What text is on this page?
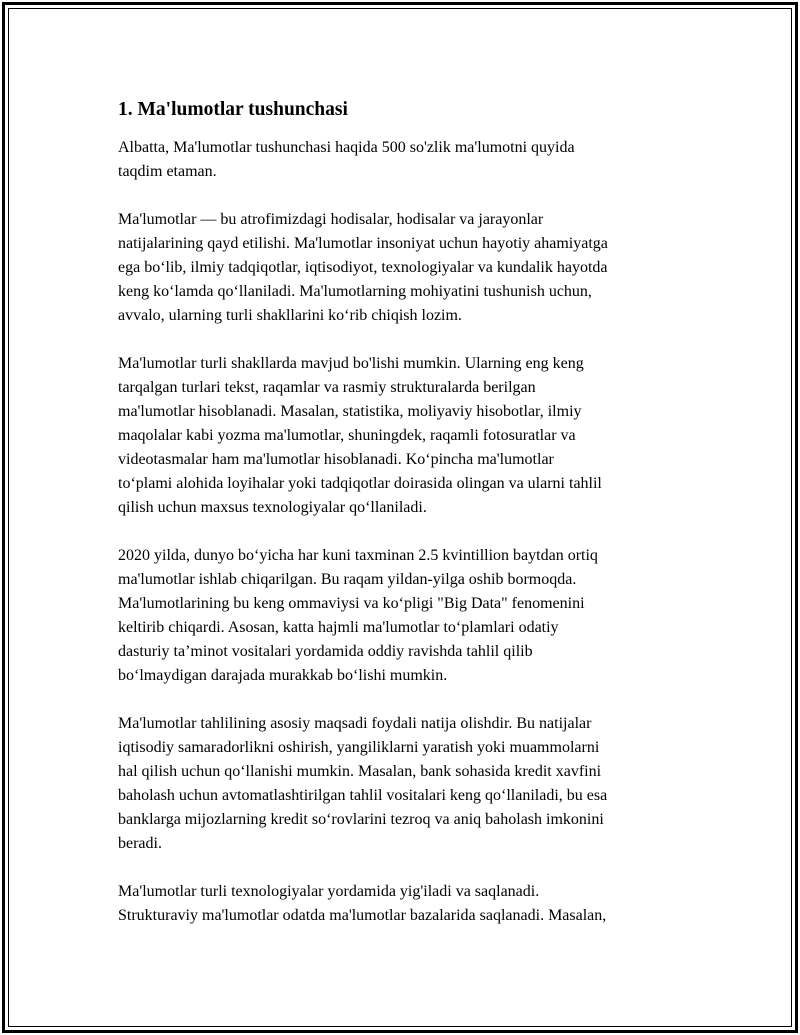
1. Ma'lumotlar tushunchasi

Albatta, Ma'lumotlar tushunchasi haqida 500 so'zlik ma'lumotni quyida
taqdim etaman.

Ma'lumotlar — bu atrofimizdagi hodisalar, hodisalar va jarayonlar
natijalarining qayd etilishi. Ma'lumotlar insoniyat uchun hayotiy ahamiyatga
ega bo‘lib, ilmiy tadqiqotlar, iqtisodiyot, texnologiyalar va kundalik hayotda
keng ko‘lamda qo‘llaniladi. Ma'lumotlarning mohiyatini tushunish uchun,
avvalo, ularning turli shakllarini ko‘rib chiqish lozim.

Ma'lumotlar turli shakllarda mavjud bo'lishi mumkin. Ularning eng keng
tarqalgan turlari tekst, raqamlar va rasmiy strukturalarda berilgan
ma'lumotlar hisoblanadi. Masalan, statistika, moliyaviy hisobotlar, ilmiy
maqolalar kabi yozma ma'lumotlar, shuningdek, raqamli fotosuratlar va
videotasmalar ham ma'lumotlar hisoblanadi. Ko‘pincha ma'lumotlar
to‘plami alohida loyihalar yoki tadqiqotlar doirasida olingan va ularni tahlil
qilish uchun maxsus texnologiyalar qo‘llaniladi.

2020 yilda, dunyo bo‘yicha har kuni taxminan 2.5 kvintillion baytdan ortiq
ma'lumotlar ishlab chiqarilgan. Bu raqam yildan-yilga oshib bormoqda.
Ma'lumotlarining bu keng ommaviysi va ko‘pligi "Big Data" fenomenini
keltirib chiqardi. Asosan, katta hajmli ma'lumotlar to‘plamlari odatiy
dasturiy ta’minot vositalari yordamida oddiy ravishda tahlil qilib
bo‘lmaydigan darajada murakkab bo‘lishi mumkin.

Ma'lumotlar tahlilining asosiy maqsadi foydali natija olishdir. Bu natijalar
iqtisodiy samaradorlikni oshirish, yangiliklarni yaratish yoki muammolarni
hal qilish uchun qo‘llanishi mumkin. Masalan, bank sohasida kredit xavfini
baholash uchun avtomatlashtirilgan tahlil vositalari keng qo‘llaniladi, bu esa
banklarga mijozlarning kredit so‘rovlarini tezroq va aniq baholash imkonini
beradi.

Ma'lumotlar turli texnologiyalar yordamida yig'iladi va saqlanadi.
Strukturaviy ma'lumotlar odatda ma'lumotlar bazalarida saqlanadi. Masalan,
